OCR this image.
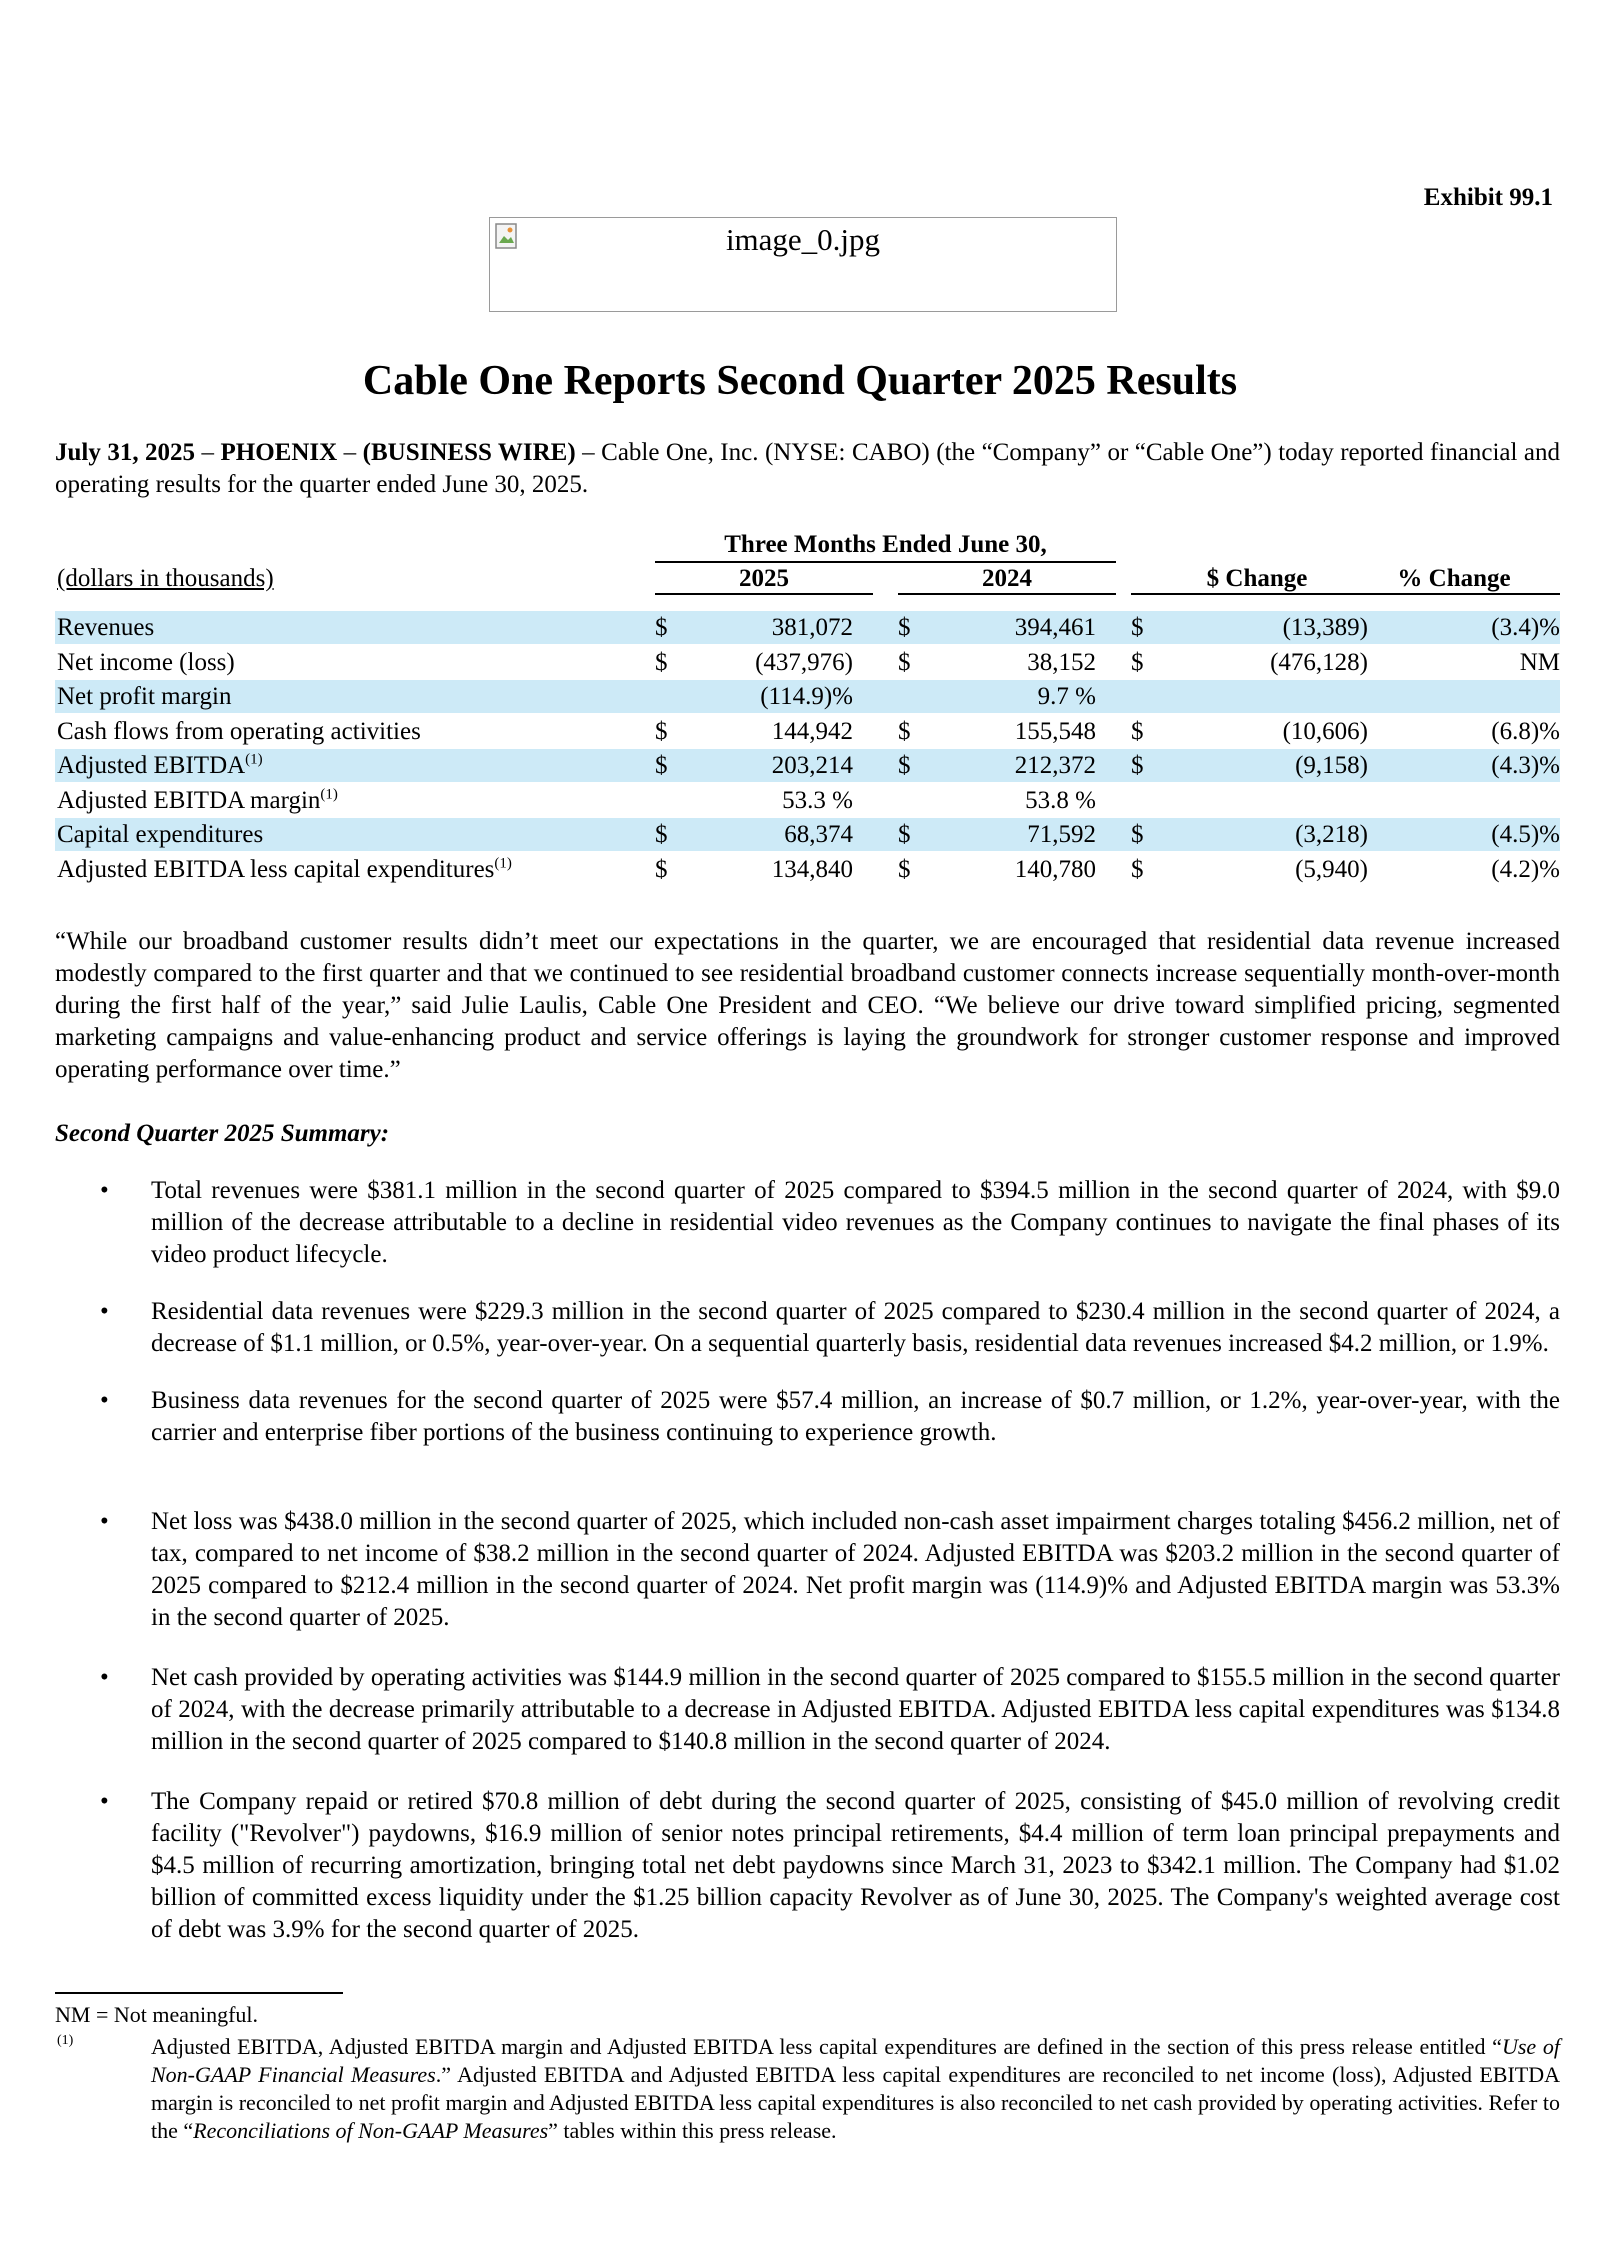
Exhibit 99.1
image_0.jpg
Cable One Reports Second Quarter 2025 Results

July 31, 2025 – PHOENIX – (BUSINESS WIRE) – Cable One, Inc. (NYSE: CABO) (the “Company” or “Cable One”) today reported financial and operating results for the quarter ended June 30, 2025.

Three Months Ended June 30,
(dollars in thousands)	2025	2024	$ Change	% Change
Revenues	$	381,072 $	394,461 $	(13,389)	(3.4)%
Net income (loss)	$	(437,976) $	38,152 $	(476,128)	NM
Net profit margin	(114.9)%	9.7 %
Cash flows from operating activities	$	144,942 $	155,548 $	(10,606)	(6.8)%
Adjusted EBITDA$^{(1)}$	$	203,214 $	212,372 $	(9,158)	(4.3)%
Adjusted EBITDA margin$^{(1)}$	53.3 %	53.8 %
Capital expenditures	$	68,374 $	71,592 $	(3,218)	(4.5)%
Adjusted EBITDA less capital expenditures$^{(1)}$	$	134,840 $	140,780 $	(5,940)	(4.2)%

“While our broadband customer results didn’t meet our expectations in the quarter, we are encouraged that residential data revenue increased modestly compared to the first quarter and that we continued to see residential broadband customer connects increase sequentially month-over-month during the first half of the year,” said Julie Laulis, Cable One President and CEO. “We believe our drive toward simplified pricing, segmented marketing campaigns and value-enhancing product and service offerings is laying the groundwork for stronger customer response and improved operating performance over time.”

Second Quarter 2025 Summary:

• Total revenues were $381.1 million in the second quarter of 2025 compared to $394.5 million in the second quarter of 2024, with $9.0 million of the decrease attributable to a decline in residential video revenues as the Company continues to navigate the final phases of its video product lifecycle.

• Residential data revenues were $229.3 million in the second quarter of 2025 compared to $230.4 million in the second quarter of 2024, a decrease of $1.1 million, or 0.5%, year-over-year. On a sequential quarterly basis, residential data revenues increased $4.2 million, or 1.9%.

• Business data revenues for the second quarter of 2025 were $57.4 million, an increase of $0.7 million, or 1.2%, year-over-year, with the carrier and enterprise fiber portions of the business continuing to experience growth.

• Net loss was $438.0 million in the second quarter of 2025, which included non-cash asset impairment charges totaling $456.2 million, net of tax, compared to net income of $38.2 million in the second quarter of 2024. Adjusted EBITDA was $203.2 million in the second quarter of 2025 compared to $212.4 million in the second quarter of 2024. Net profit margin was (114.9)% and Adjusted EBITDA margin was 53.3% in the second quarter of 2025.

• Net cash provided by operating activities was $144.9 million in the second quarter of 2025 compared to $155.5 million in the second quarter of 2024, with the decrease primarily attributable to a decrease in Adjusted EBITDA. Adjusted EBITDA less capital expenditures was $134.8 million in the second quarter of 2025 compared to $140.8 million in the second quarter of 2024.

• The Company repaid or retired $70.8 million of debt during the second quarter of 2025, consisting of $45.0 million of revolving credit facility ("Revolver") paydowns, $16.9 million of senior notes principal retirements, $4.4 million of term loan principal prepayments and $4.5 million of recurring amortization, bringing total net debt paydowns since March 31, 2023 to $342.1 million. The Company had $1.02 billion of committed excess liquidity under the $1.25 billion capacity Revolver as of June 30, 2025. The Company's weighted average cost of debt was 3.9% for the second quarter of 2025.

NM = Not meaningful.

(1)	Adjusted EBITDA, Adjusted EBITDA margin and Adjusted EBITDA less capital expenditures are defined in the section of this press release entitled “Use of Non-GAAP Financial Measures.” Adjusted EBITDA and Adjusted EBITDA less capital expenditures are reconciled to net income (loss), Adjusted EBITDA margin is reconciled to net profit margin and Adjusted EBITDA less capital expenditures is also reconciled to net cash provided by operating activities. Refer to the “Reconciliations of Non-GAAP Measures” tables within this press release.
